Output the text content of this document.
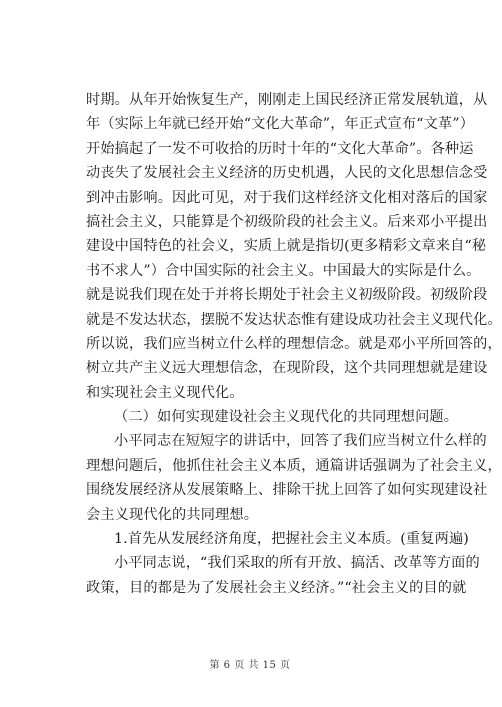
时期。从年开始恢复生产，刚刚走上国民经济正常发展轨道，从
年（实际上年就已经开始“文化大革命”，年正式宣布“文革”）
开始搞起了一发不可收拾的历时十年的“文化大革命”。各种运
动丧失了发展社会主义经济的历史机遇，人民的文化思想信念受
到冲击影响。因此可见，对于我们这样经济文化相对落后的国家
搞社会主义，只能算是个初级阶段的社会主义。后来邓小平提出
建设中国特色的社会义，实质上就是指切(更多精彩文章来自“秘
书不求人”）合中国实际的社会主义。中国最大的实际是什么。
就是说我们现在处于并将长期处于社会主义初级阶段。初级阶段
就是不发达状态，摆脱不发达状态惟有建设成功社会主义现代化。
所以说，我们应当树立什么样的理想信念。就是邓小平所回答的，
树立共产主义远大理想信念，在现阶段，这个共同理想就是建设
和实现社会主义现代化。
（二）如何实现建设社会主义现代化的共同理想问题。
小平同志在短短字的讲话中，回答了我们应当树立什么样的
理想问题后，他抓住社会主义本质，通篇讲话强调为了社会主义，
围绕发展经济从发展策略上、排除干扰上回答了如何实现建设社
会主义现代化的共同理想。
1.首先从发展经济角度，把握社会主义本质。(重复两遍)
小平同志说，“我们采取的所有开放、搞活、改革等方面的
政策，目的都是为了发展社会主义经济。”“社会主义的目的就
第 6 页 共 15 页
